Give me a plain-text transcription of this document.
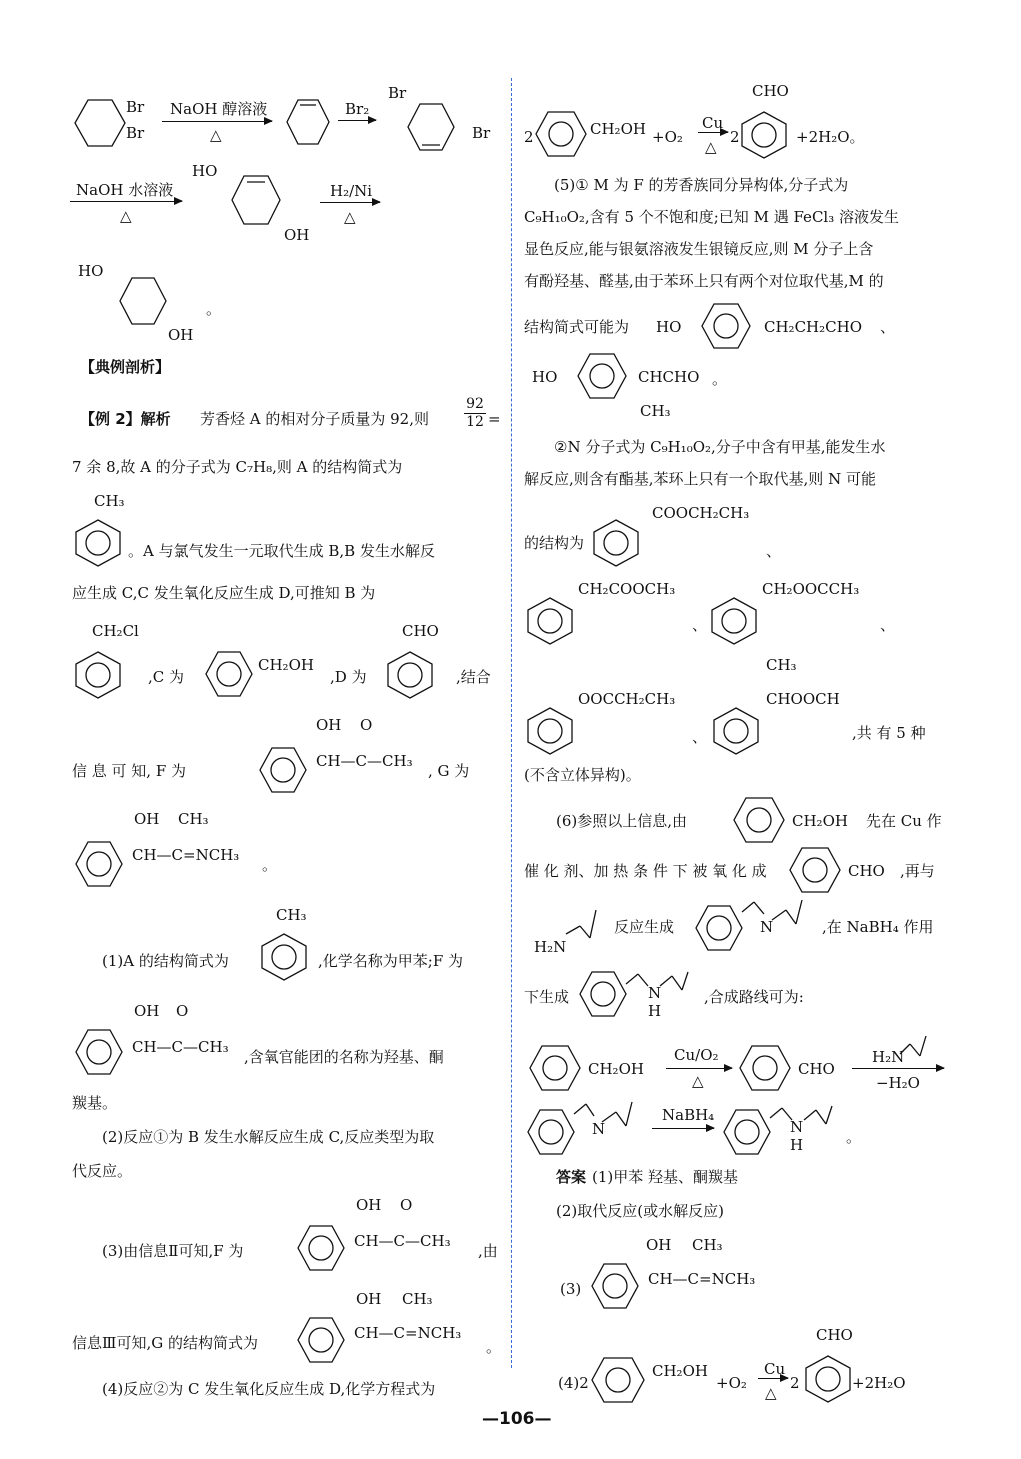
Br
Br
NaOH 醇溶液
△
Br₂
Br
Br
NaOH 水溶液
△
HO
OH
H₂/Ni
△
HO
OH
。
【典例剖析】
【例 2】解析 芳香烃 A 的相对分子质量为 92,则
92
12 =
7 余 8,故 A 的分子式为 C₇H₈,则 A 的结构简式为
CH₃
。A 与氯气发生一元取代生成 B,B 发生水解反
应生成 C,C 发生氧化反应生成 D,可推知 B 为
CH₂Cl
,C 为
CH₂OH
,D 为
CHO
,结合
信 息 可 知, F 为
OH O
CH—C—CH₃
, G 为
OH CH₃
CH—C=NCH₃
。
CH₃
(1)A 的结构简式为	,化学名称为甲苯;F 为
OH O
CH—C—CH₃
,含氧官能团的名称为羟基、酮
羰基。
(2)反应①为 B 发生水解反应生成 C,反应类型为取
代反应。
OH O
(3)由信息Ⅱ可知,F 为
CH—C—CH₃
,由
OH CH₃
信息Ⅲ可知,G 的结构简式为
CH—C=NCH₃
。
(4)反应②为 C 发生氧化反应生成 D,化学方程式为
2	CH₂OH +O₂
Cu
△
2
CHO
+2H₂O。
(5)① M 为 F 的芳香族同分异构体,分子式为
C₉H₁₀O₂,含有 5 个不饱和度;已知 M 遇 FeCl₃ 溶液发生
显色反应,能与银氨溶液发生银镜反应,则 M 分子上含
有酚羟基、醛基,由于苯环上只有两个对位取代基,M 的
结构简式可能为 HO	CH₂CH₂CHO 、
HO	CHCHO
CH₃
。
②N 分子式为 C₉H₁₀O₂,分子中含有甲基,能发生水
解反应,则含有酯基,苯环上只有一个取代基,则 N 可能
的结构为
COOCH₂CH₃
、
CH₂COOCH₃
、
CH₂OOCCH₃
、
OOCCH₂CH₃
、
CH₃
CHOOCH
,共 有 5 种
(不含立体异构)。
(6)参照以上信息,由	CH₂OH 先在 Cu 作
催 化 剂、加 热 条 件 下 被 氧 化 成	CHO ,再与
H₂N
反应生成	N	,在 NaBH₄ 作用
下生成	N
H
,合成路线可为:
CH₂OH
Cu/O₂
△
CHO
H₂N
−H₂O
N
NaBH₄
N
H	。
答案 (1)甲苯 羟基、酮羰基
(2)取代反应(或水解反应)
OH CH₃
(3)
CH—C=NCH₃
CHO
(4)2
CH₂OH
+O₂
Cu
△
2	+2H₂O
—106—
